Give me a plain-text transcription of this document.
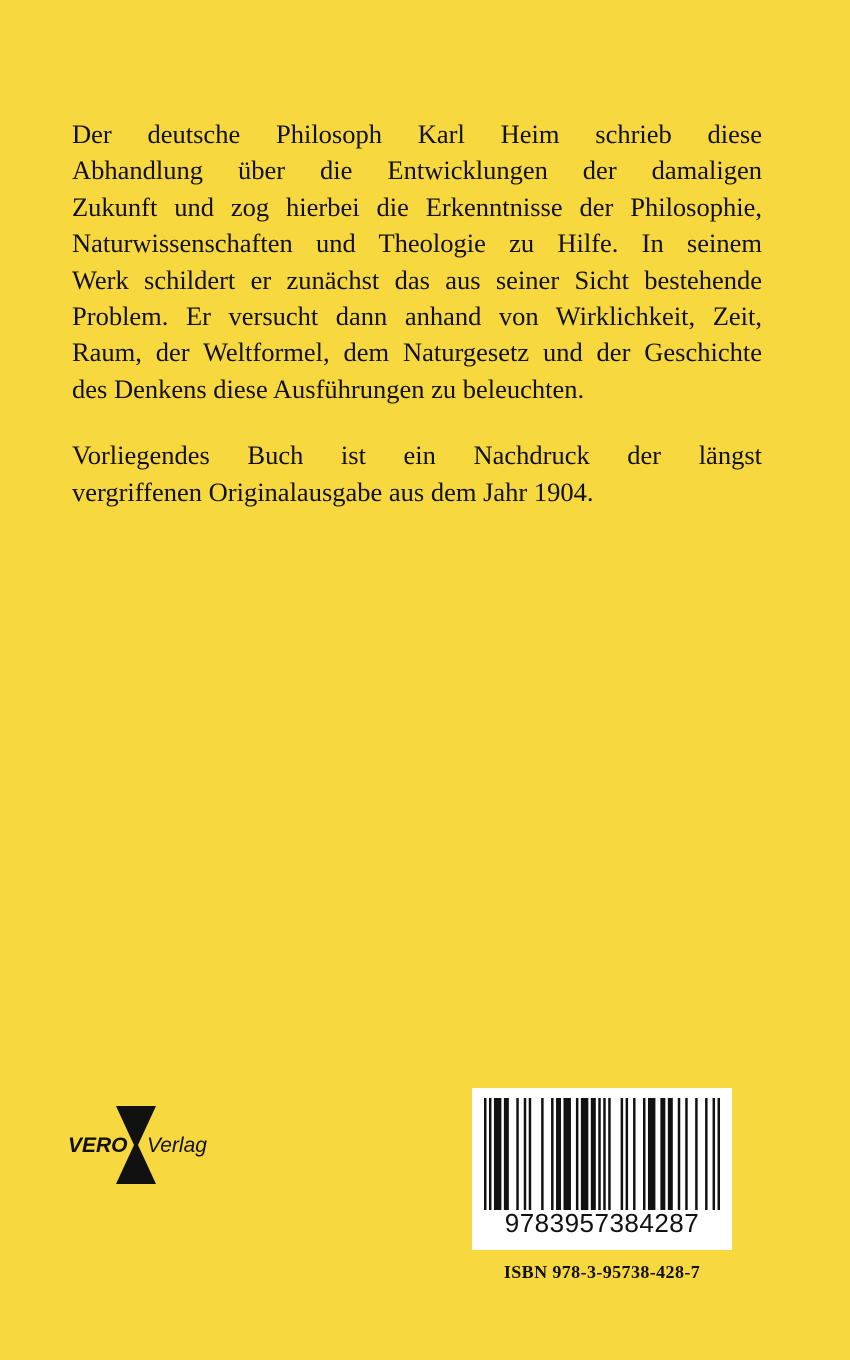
Der deutsche Philosoph Karl Heim schrieb diese
Abhandlung über die Entwicklungen der damaligen
Zukunft und zog hierbei die Erkenntnisse der Philosophie,
Naturwissenschaften und Theologie zu Hilfe. In seinem
Werk schildert er zunächst das aus seiner Sicht bestehende
Problem. Er versucht dann anhand von Wirklichkeit, Zeit,
Raum, der Weltformel, dem Naturgesetz und der Geschichte
des Denkens diese Ausführungen zu beleuchten.

Vorliegendes Buch ist ein Nachdruck der längst
vergriffenen Originalausgabe aus dem Jahr 1904.

VERO Verlag
9783957384287
ISBN 978-3-95738-428-7
